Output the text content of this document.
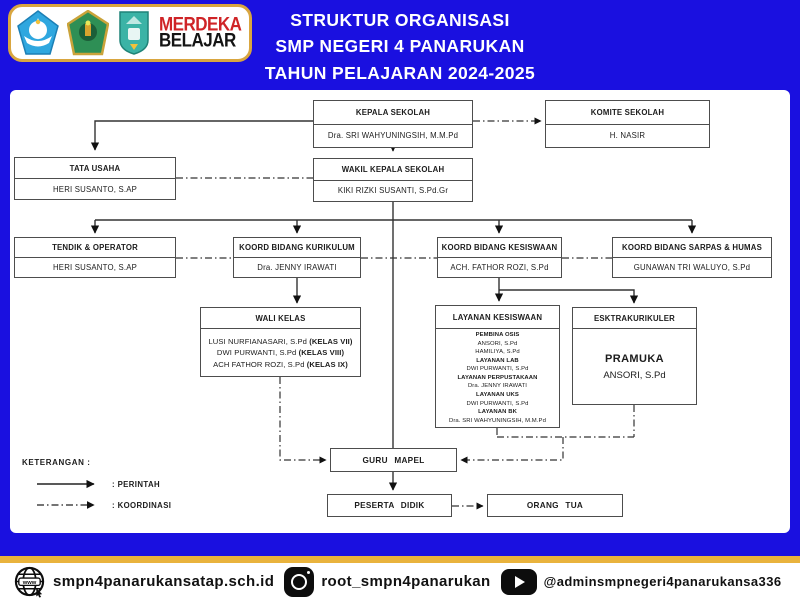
MERDEKA
BELAJAR
STRUKTUR ORGANISASI
SMP NEGERI 4 PANARUKAN
TAHUN PELAJARAN 2024-2025
KEPALA SEKOLAH
Dra. SRI WAHYUNINGSIH, M.M.Pd
KOMITE SEKOLAH
H. NASIR
TATA USAHA
HERI SUSANTO, S.AP
WAKIL KEPALA SEKOLAH
KIKI RIZKI SUSANTI, S.Pd.Gr
TENDIK & OPERATOR
HERI SUSANTO, S.AP
KOORD BIDANG KURIKULUM
Dra. JENNY IRAWATI
KOORD BIDANG KESISWAAN
ACH. FATHOR ROZI, S.Pd
KOORD BIDANG SARPAS & HUMAS
GUNAWAN TRI WALUYO, S.Pd
WALI KELAS
LUSI NURFIANASARI, S.Pd (KELAS VII)
DWI PURWANTI, S.Pd (KELAS VIII)
ACH FATHOR ROZI, S.Pd (KELAS IX)
LAYANAN KESISWAAN
PEMBINA OSIS
ANSORI, S.Pd
HAMILIYA, S.Pd
LAYANAN LAB
DWI PURWANTI, S.Pd
LAYANAN PERPUSTAKAAN
Dra. JENNY IRAWATI
LAYANAN UKS
DWI PURWANTI, S.Pd
LAYANAN BK
Dra. SRI WAHYUNINGSIH, M.M.Pd
ESKTRAKURIKULER
PRAMUKA
ANSORI, S.Pd
GURU MAPEL
PESERTA DIDIK	ORANG TUA
KETERANGAN :
: PERINTAH
: KOORDINASI
www smpn4panarukansatap.sch.id	root_smpn4panarukan	@adminsmpnegeri4panarukansa336
